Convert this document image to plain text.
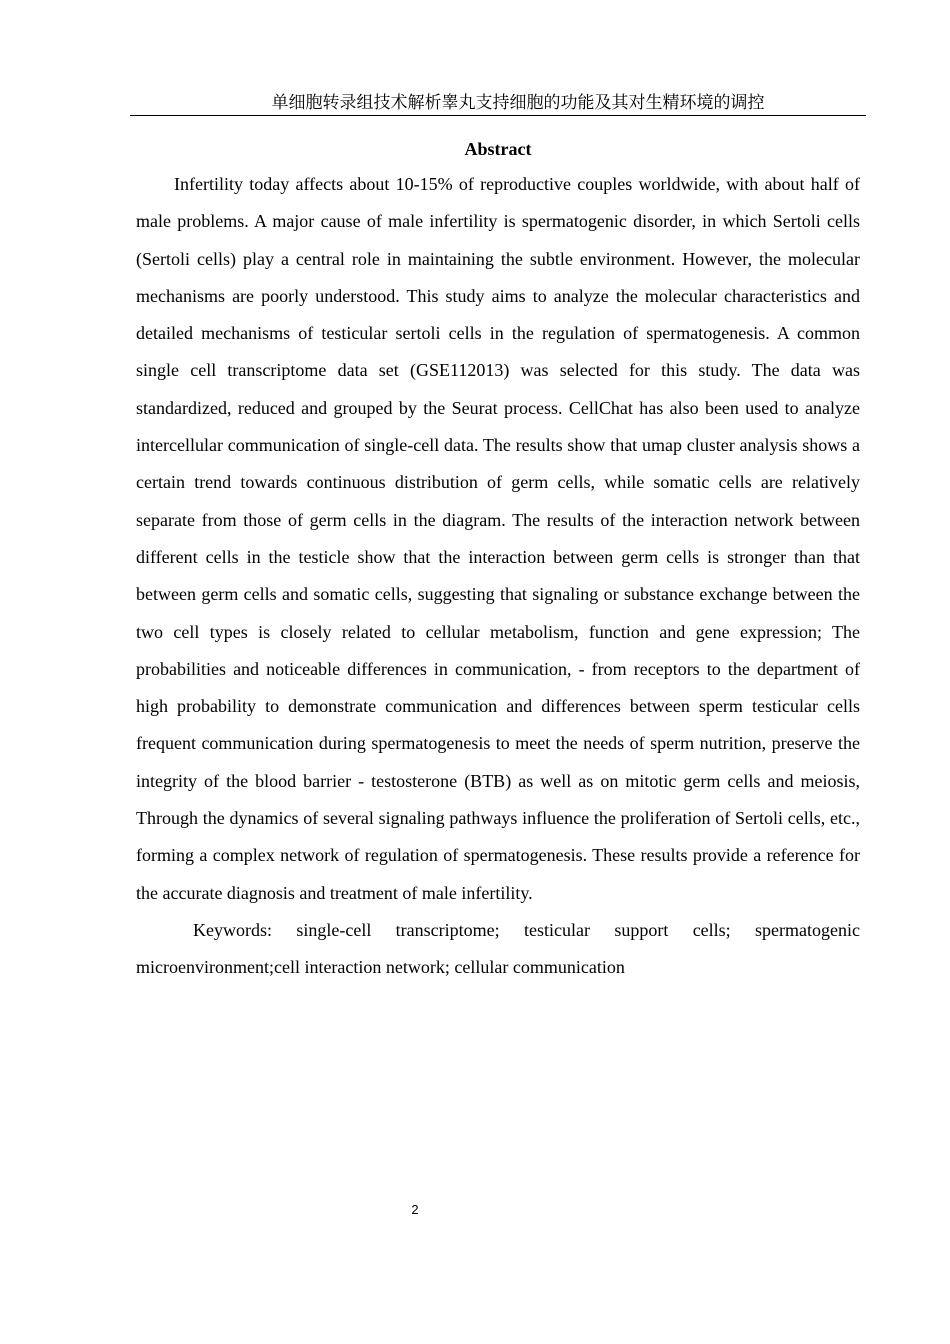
单细胞转录组技术解析睾丸支持细胞的功能及其对生精环境的调控
Abstract

Infertility today affects about 10-15% of reproductive couples worldwide, with about half of male problems. A major cause of male infertility is spermatogenic disorder, in which Sertoli cells (Sertoli cells) play a central role in maintaining the subtle environment. However, the molecular mechanisms are poorly understood. This study aims to analyze the molecular characteristics and detailed mechanisms of testicular sertoli cells in the regulation of spermatogenesis. A common single cell transcriptome data set (GSE112013) was selected for this study. The data was standardized, reduced and grouped by the Seurat process. CellChat has also been used to analyze intercellular communication of single-cell data. The results show that umap cluster analysis shows a certain trend towards continuous distribution of germ cells, while somatic cells are relatively separate from those of germ cells in the diagram. The results of the interaction network between different cells in the testicle show that the interaction between germ cells is stronger than that between germ cells and somatic cells, suggesting that signaling or substance exchange between the two cell types is closely related to cellular metabolism, function and gene expression; The probabilities and noticeable differences in communication, - from receptors to the department of high probability to demonstrate communication and differences between sperm testicular cells frequent communication during spermatogenesis to meet the needs of sperm nutrition, preserve the integrity of the blood barrier - testosterone (BTB) as well as on mitotic germ cells and meiosis, Through the dynamics of several signaling pathways influence the proliferation of Sertoli cells, etc., forming a complex network of regulation of spermatogenesis. These results provide a reference for the accurate diagnosis and treatment of male infertility.

Keywords: single-cell transcriptome; testicular support cells; spermatogenic microenvironment;cell interaction network; cellular communication

2
